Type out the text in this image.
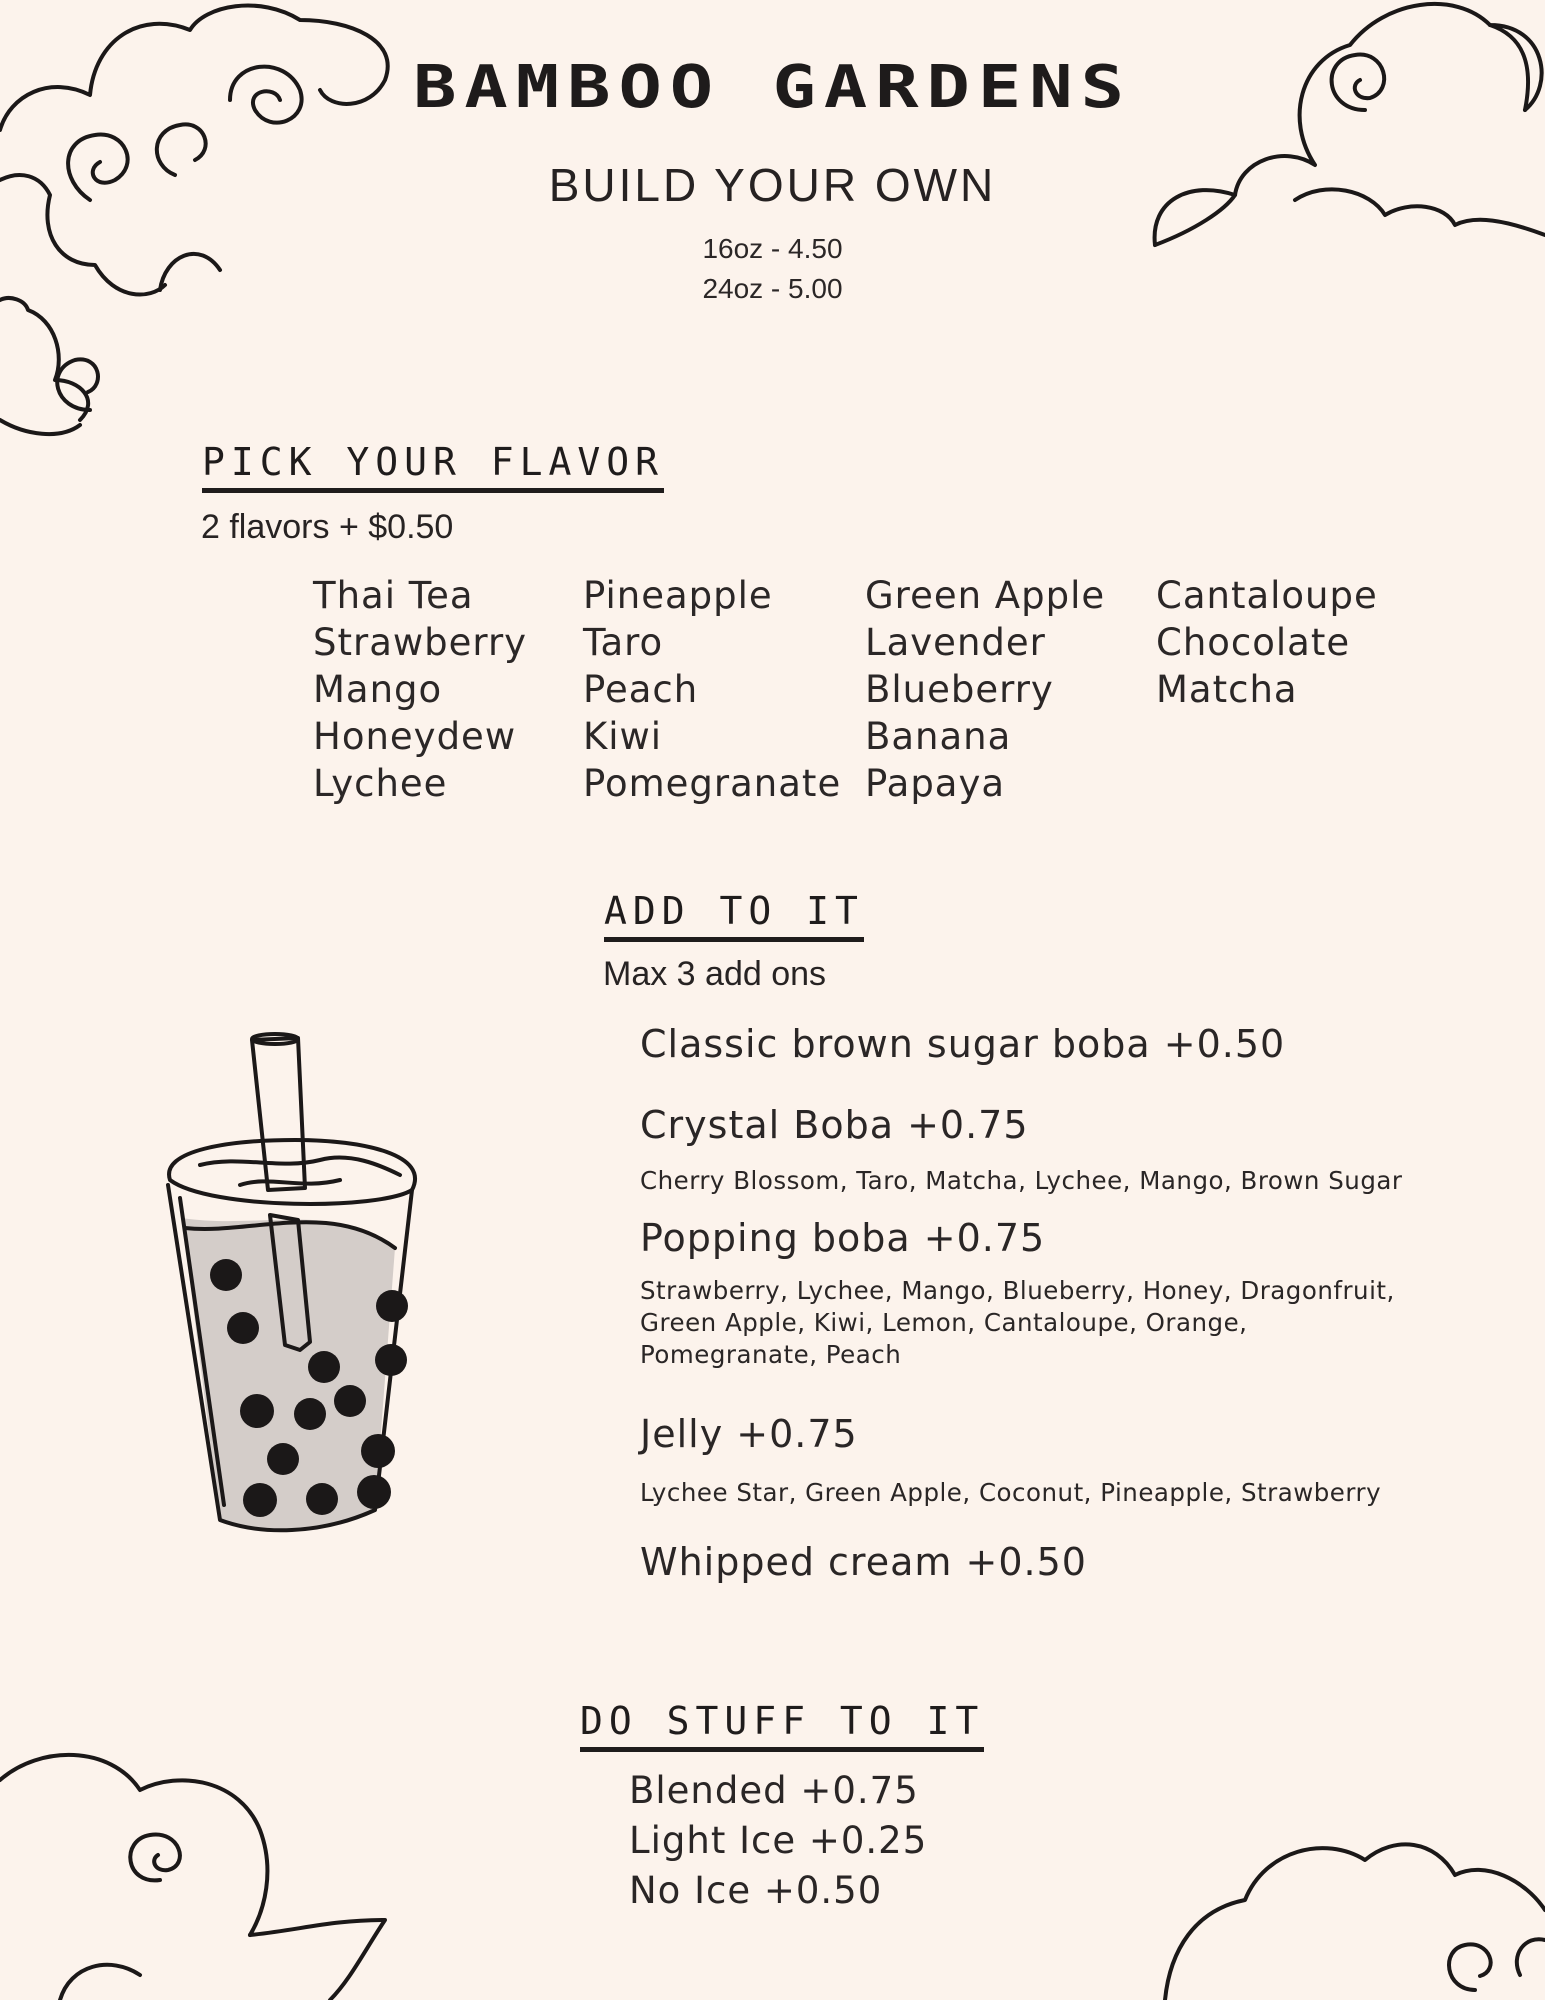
BAMBOO GARDENS
BUILD YOUR OWN
16oz - 4.50
24oz - 5.00
PICK YOUR FLAVOR
2 flavors + $0.50
Thai Tea
Strawberry
Mango
Honeydew
Lychee
Pineapple
Taro
Peach
Kiwi
Pomegranate
Green Apple
Lavender
Blueberry
Banana
Papaya
Cantaloupe
Chocolate
Matcha
ADD TO IT
Max 3 add ons
Classic brown sugar boba +0.50
Crystal Boba +0.75
Cherry Blossom, Taro, Matcha, Lychee, Mango, Brown Sugar
Popping boba +0.75
Strawberry, Lychee, Mango, Blueberry, Honey, Dragonfruit, Green Apple, Kiwi, Lemon, Cantaloupe, Orange, Pomegranate, Peach
Jelly +0.75
Lychee Star, Green Apple, Coconut, Pineapple, Strawberry
Whipped cream +0.50
DO STUFF TO IT
Blended +0.75
Light Ice +0.25
No Ice +0.50
